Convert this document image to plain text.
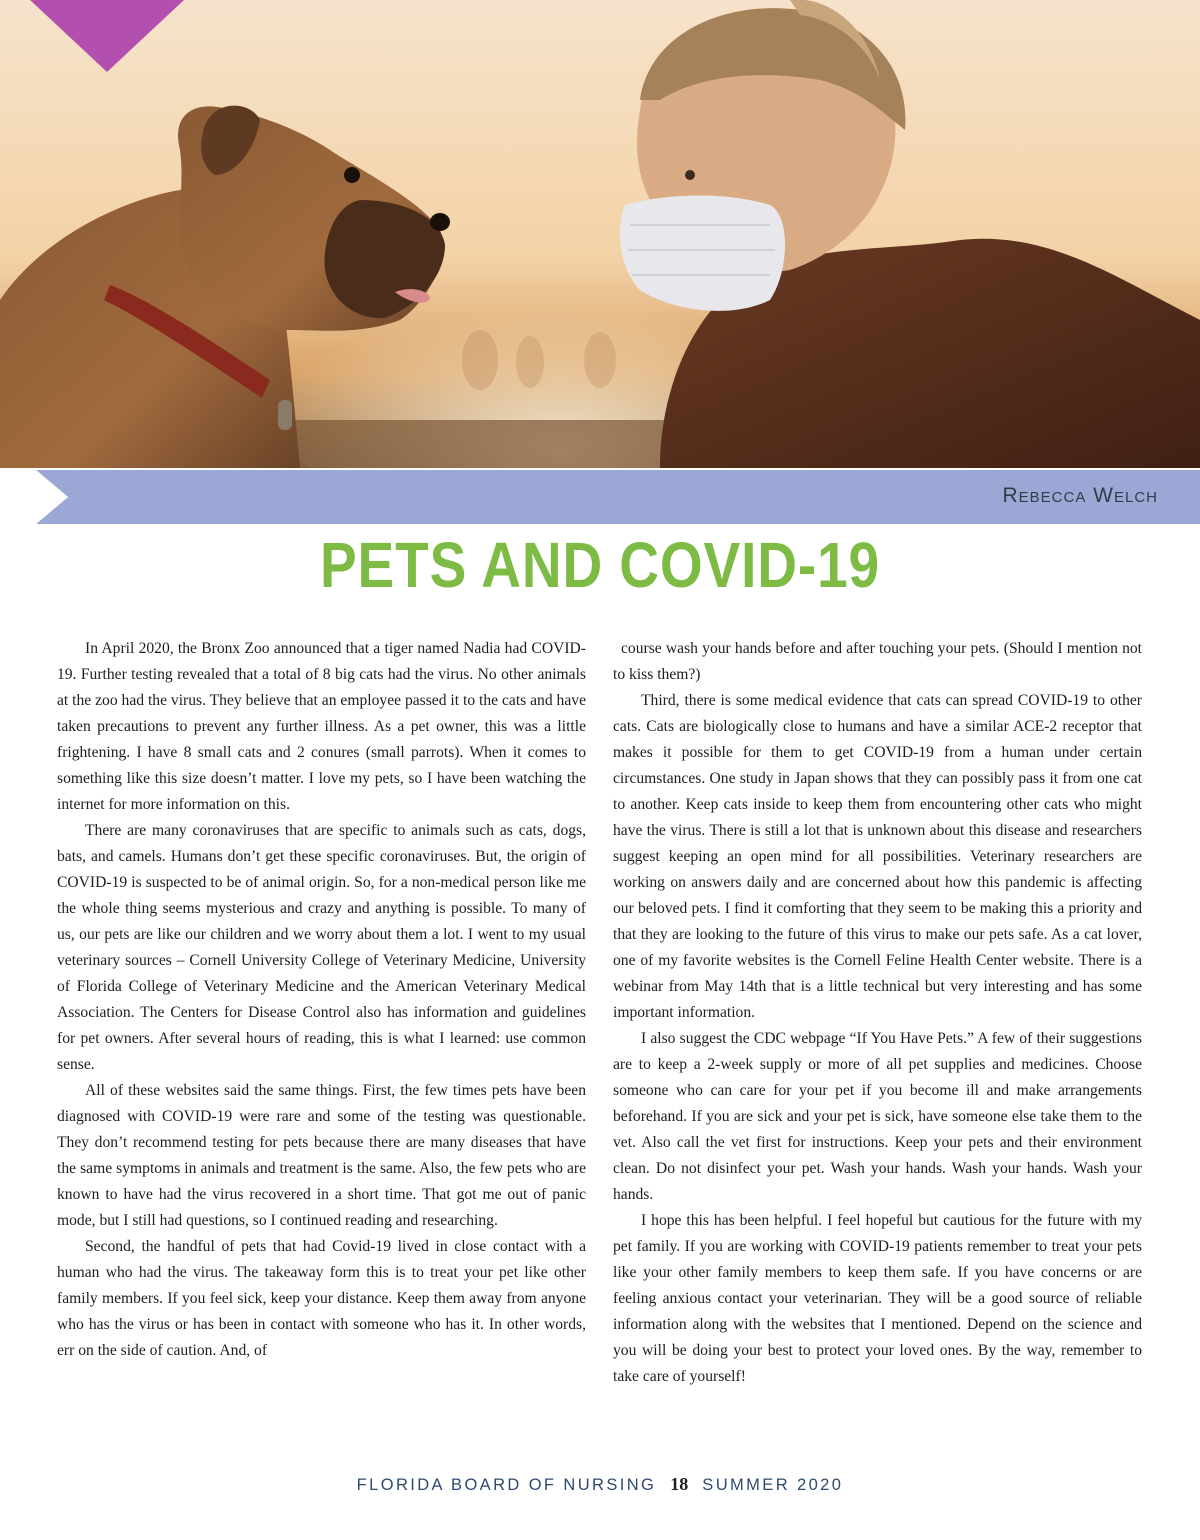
Rebecca Welch
PETS AND COVID-19

In April 2020, the Bronx Zoo announced that a tiger named Nadia had COVID-19. Further testing revealed that a total of 8 big cats had the virus. No other animals at the zoo had the virus. They believe that an employee passed it to the cats and have taken precautions to prevent any further illness. As a pet owner, this was a little frightening. I have 8 small cats and 2 conures (small parrots). When it comes to something like this size doesn’t matter. I love my pets, so I have been watching the internet for more information on this.

There are many coronaviruses that are specific to animals such as cats, dogs, bats, and camels. Humans don’t get these specific coronaviruses. But, the origin of COVID-19 is suspected to be of animal origin. So, for a non-medical person like me the whole thing seems mysterious and crazy and anything is possible. To many of us, our pets are like our children and we worry about them a lot. I went to my usual veterinary sources – Cornell University College of Veterinary Medicine, University of Florida College of Veterinary Medicine and the American Veterinary Medical Association. The Centers for Disease Control also has information and guidelines for pet owners. After several hours of reading, this is what I learned: use common sense.

All of these websites said the same things. First, the few times pets have been diagnosed with COVID-19 were rare and some of the testing was questionable. They don’t recommend testing for pets because there are many diseases that have the same symptoms in animals and treatment is the same. Also, the few pets who are known to have had the virus recovered in a short time. That got me out of panic mode, but I still had questions, so I continued reading and researching.

Second, the handful of pets that had Covid-19 lived in close contact with a human who had the virus. The takeaway form this is to treat your pet like other family members. If you feel sick, keep your distance. Keep them away from anyone who has the virus or has been in contact with someone who has it. In other words, err on the side of caution. And, of

course wash your hands before and after touching your pets. (Should I mention not to kiss them?)

Third, there is some medical evidence that cats can spread COVID-19 to other cats. Cats are biologically close to humans and have a similar ACE-2 receptor that makes it possible for them to get COVID-19 from a human under certain circumstances. One study in Japan shows that they can possibly pass it from one cat to another. Keep cats inside to keep them from encountering other cats who might have the virus. There is still a lot that is unknown about this disease and researchers suggest keeping an open mind for all possibilities. Veterinary researchers are working on answers daily and are concerned about how this pandemic is affecting our beloved pets. I find it comforting that they seem to be making this a priority and that they are looking to the future of this virus to make our pets safe. As a cat lover, one of my favorite websites is the Cornell Feline Health Center website. There is a webinar from May 14th that is a little technical but very interesting and has some important information.

I also suggest the CDC webpage “If You Have Pets.” A few of their suggestions are to keep a 2-week supply or more of all pet supplies and medicines. Choose someone who can care for your pet if you become ill and make arrangements beforehand. If you are sick and your pet is sick, have someone else take them to the vet. Also call the vet first for instructions. Keep your pets and their environment clean. Do not disinfect your pet. Wash your hands. Wash your hands. Wash your hands.

I hope this has been helpful. I feel hopeful but cautious for the future with my pet family. If you are working with COVID-19 patients remember to treat your pets like your other family members to keep them safe. If you have concerns or are feeling anxious contact your veterinarian. They will be a good source of reliable information along with the websites that I mentioned. Depend on the science and you will be doing your best to protect your loved ones. By the way, remember to take care of yourself!

FLORIDA BOARD OF NURSING 18 SUMMER 2020
